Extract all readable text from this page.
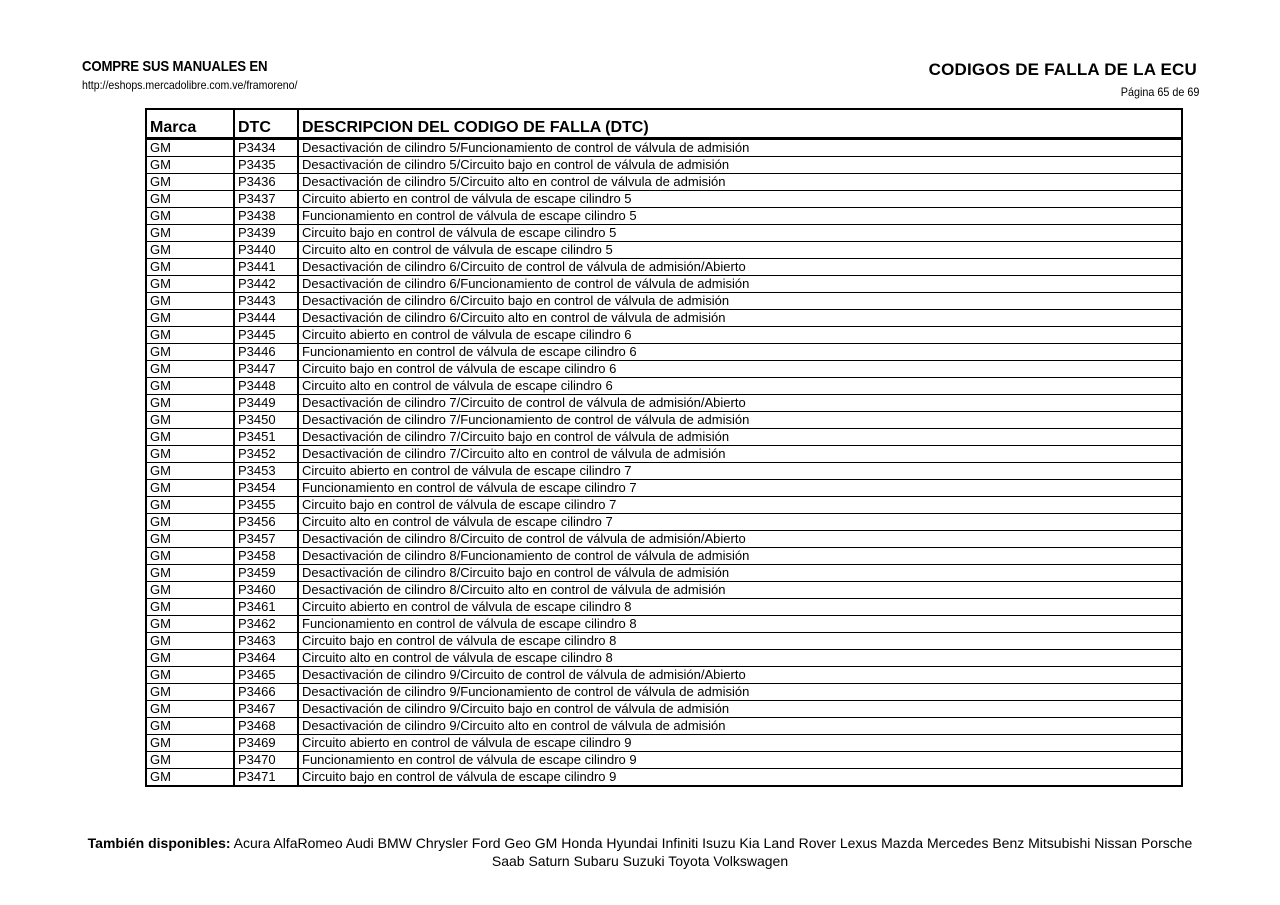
COMPRE SUS MANUALES EN
http://eshops.mercadolibre.com.ve/framoreno/
CODIGOS DE FALLA DE LA ECU
Página 65 de 69
Marca	DTC	DESCRIPCION DEL CODIGO DE FALLA (DTC)
GM	P3434	Desactivación de cilindro 5/Funcionamiento de control de válvula de admisión
GM	P3435	Desactivación de cilindro 5/Circuito bajo en control de válvula de admisión
GM	P3436	Desactivación de cilindro 5/Circuito alto en control de válvula de admisión
GM	P3437	Circuito abierto en control de válvula de escape cilindro 5
GM	P3438	Funcionamiento en control de válvula de escape cilindro 5
GM	P3439	Circuito bajo en control de válvula de escape cilindro 5
GM	P3440	Circuito alto en control de válvula de escape cilindro 5
GM	P3441	Desactivación de cilindro 6/Circuito de control de válvula de admisión/Abierto
GM	P3442	Desactivación de cilindro 6/Funcionamiento de control de válvula de admisión
GM	P3443	Desactivación de cilindro 6/Circuito bajo en control de válvula de admisión
GM	P3444	Desactivación de cilindro 6/Circuito alto en control de válvula de admisión
GM	P3445	Circuito abierto en control de válvula de escape cilindro 6
GM	P3446	Funcionamiento en control de válvula de escape cilindro 6
GM	P3447	Circuito bajo en control de válvula de escape cilindro 6
GM	P3448	Circuito alto en control de válvula de escape cilindro 6
GM	P3449	Desactivación de cilindro 7/Circuito de control de válvula de admisión/Abierto
GM	P3450	Desactivación de cilindro 7/Funcionamiento de control de válvula de admisión
GM	P3451	Desactivación de cilindro 7/Circuito bajo en control de válvula de admisión
GM	P3452	Desactivación de cilindro 7/Circuito alto en control de válvula de admisión
GM	P3453	Circuito abierto en control de válvula de escape cilindro 7
GM	P3454	Funcionamiento en control de válvula de escape cilindro 7
GM	P3455	Circuito bajo en control de válvula de escape cilindro 7
GM	P3456	Circuito alto en control de válvula de escape cilindro 7
GM	P3457	Desactivación de cilindro 8/Circuito de control de válvula de admisión/Abierto
GM	P3458	Desactivación de cilindro 8/Funcionamiento de control de válvula de admisión
GM	P3459	Desactivación de cilindro 8/Circuito bajo en control de válvula de admisión
GM	P3460	Desactivación de cilindro 8/Circuito alto en control de válvula de admisión
GM	P3461	Circuito abierto en control de válvula de escape cilindro 8
GM	P3462	Funcionamiento en control de válvula de escape cilindro 8
GM	P3463	Circuito bajo en control de válvula de escape cilindro 8
GM	P3464	Circuito alto en control de válvula de escape cilindro 8
GM	P3465	Desactivación de cilindro 9/Circuito de control de válvula de admisión/Abierto
GM	P3466	Desactivación de cilindro 9/Funcionamiento de control de válvula de admisión
GM	P3467	Desactivación de cilindro 9/Circuito bajo en control de válvula de admisión
GM	P3468	Desactivación de cilindro 9/Circuito alto en control de válvula de admisión
GM	P3469	Circuito abierto en control de válvula de escape cilindro 9
GM	P3470	Funcionamiento en control de válvula de escape cilindro 9
GM	P3471	Circuito bajo en control de válvula de escape cilindro 9
También disponibles: Acura AlfaRomeo Audi BMW Chrysler Ford Geo GM Honda Hyundai Infiniti Isuzu Kia Land Rover Lexus Mazda Mercedes Benz Mitsubishi Nissan Porsche Saab Saturn Subaru Suzuki Toyota Volkswagen
